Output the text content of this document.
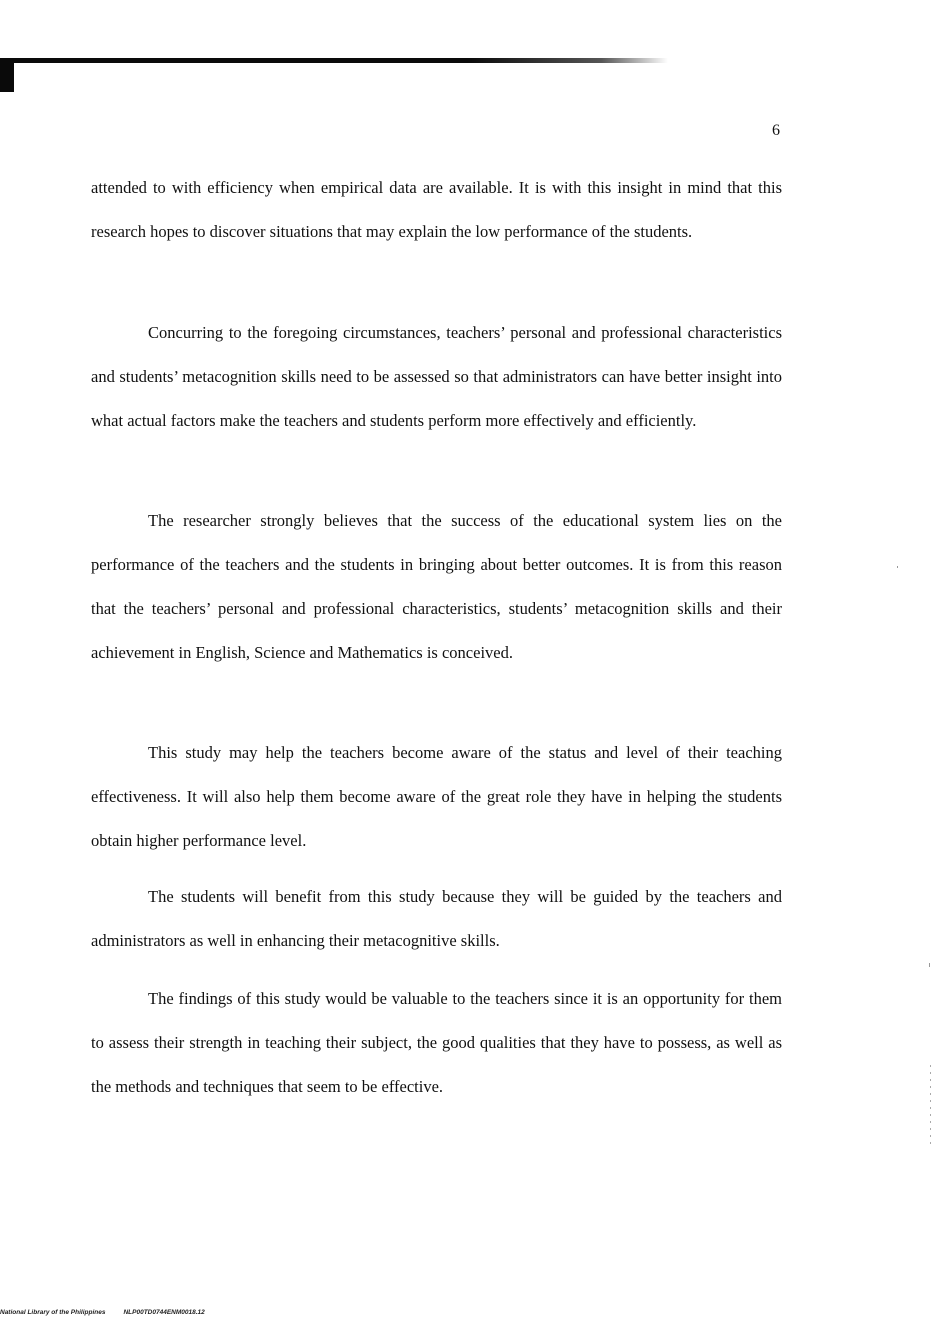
6

attended to with efficiency when empirical data are available. It is with this insight in mind that this research hopes to discover situations that may explain the low performance of the students.

Concurring to the foregoing circumstances, teachers’ personal and professional characteristics and students’ metacognition skills need to be assessed so that administrators can have better insight into what actual factors make the teachers and students perform more effectively and efficiently.

The researcher strongly believes that the success of the educational system lies on the performance of the teachers and the students in bringing about better outcomes. It is from this reason that the teachers’ personal and professional characteristics, students’ metacognition skills and their achievement in English, Science and Mathematics is conceived.

This study may help the teachers become aware of the status and level of their teaching effectiveness. It will also help them become aware of the great role they have in helping the students obtain higher performance level.

The students will benefit from this study because they will be guided by the teachers and administrators as well in enhancing their metacognitive skills.

The findings of this study would be valuable to the teachers since it is an opportunity for them to assess their strength in teaching their subject, the good qualities that they have to possess, as well as the methods and techniques that seem to be effective.

National Library of the Philippines	NLP00TD0744ENM0018.12
